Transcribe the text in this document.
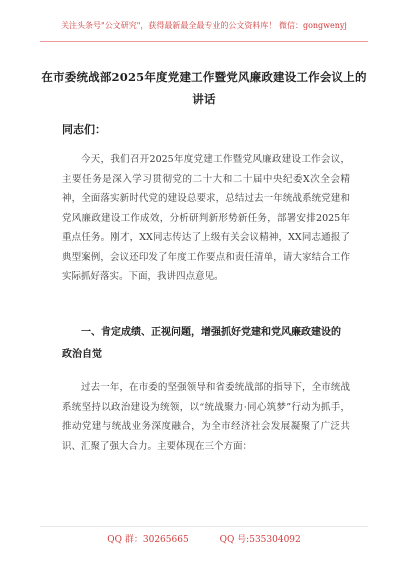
关注头条号"公文研究"，获得最新最全最专业的公文资料库！ 微信：gongwenyj
在市委统战部2025年度党建工作暨党风廉政建设工作会议上的讲话
同志们：

今天，我们召开2025年度党建工作暨党风廉政建设工作会议，主要任务是深入学习贯彻党的二十大和二十届中央纪委X次全会精神，全面落实新时代党的建设总要求，总结过去一年统战系统党建和党风廉政建设工作成效，分析研判新形势新任务，部署安排2025年重点任务。刚才，XX同志传达了上级有关会议精神，XX同志通报了典型案例，会议还印发了年度工作要点和责任清单，请大家结合工作实际抓好落实。下面，我讲四点意见。

一、肯定成绩、正视问题，增强抓好党建和党风廉政建设的政治自觉

过去一年，在市委的坚强领导和省委统战部的指导下，全市统战系统坚持以政治建设为统领，以“统战聚力·同心筑梦”行动为抓手，推动党建与统战业务深度融合，为全市经济社会发展凝聚了广泛共识、汇聚了强大合力。主要体现在三个方面：

QQ 群：30265665	QQ 号:535304092
